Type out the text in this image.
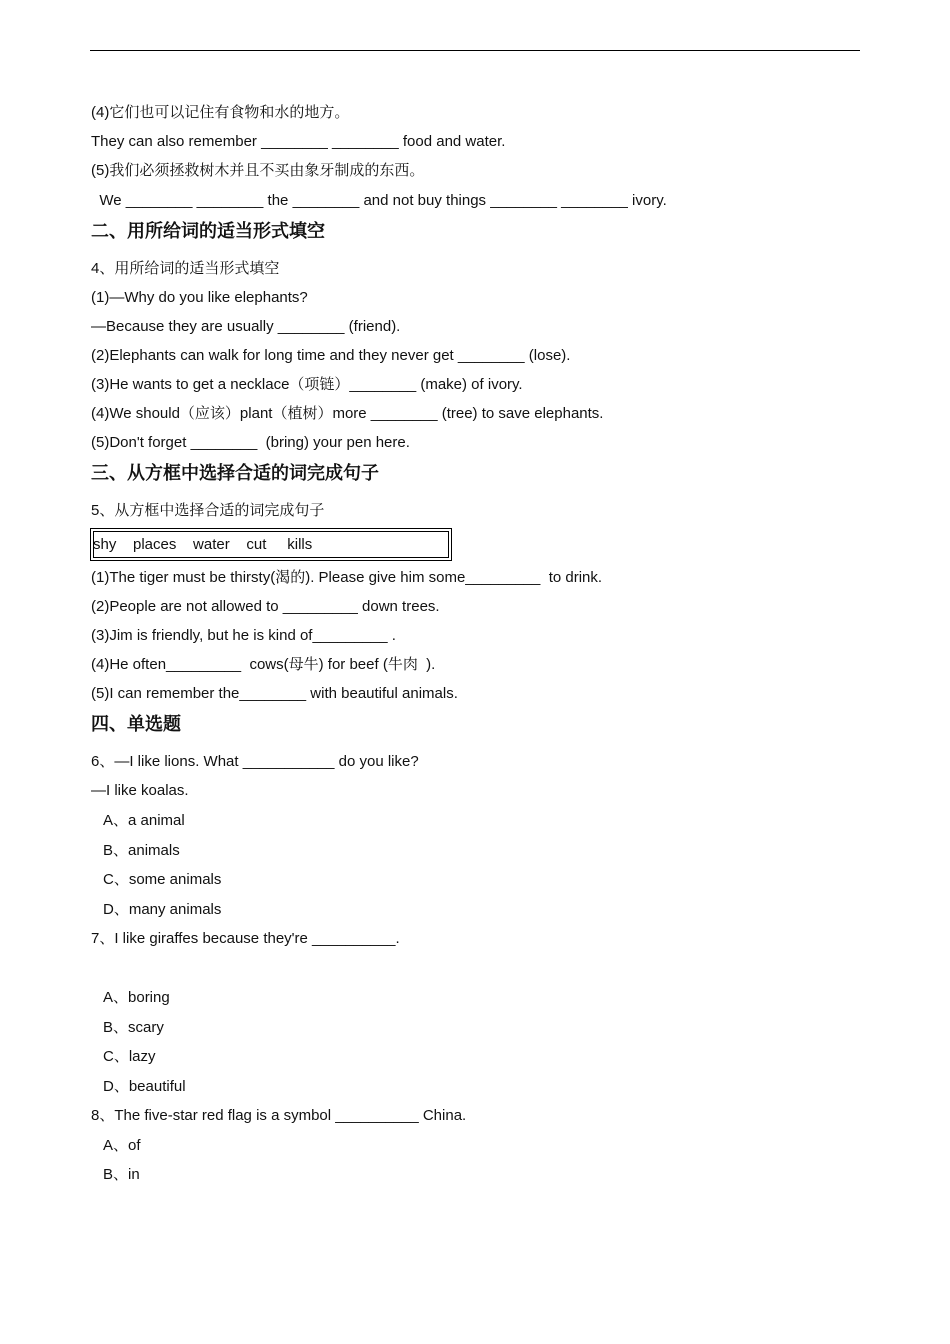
(4)它们也可以记住有食物和水的地方。
They can also remember ________ ________ food and water.
(5)我们必须拯救树木并且不买由象牙制成的东西。
We ________ ________ the ________ and not buy things ________ ________ ivory.
二、用所给词的适当形式填空
4、用所给词的适当形式填空
(1)—Why do you like elephants?
—Because they are usually ________ (friend).
(2)Elephants can walk for long time and they never get ________ (lose).
(3)He wants to get a necklace（项链）________ (make) of ivory.
(4)We should（应该）plant（植树）more ________ (tree) to save elephants.
(5)Don't forget ________  (bring) your pen here.
三、从方框中选择合适的词完成句子
5、从方框中选择合适的词完成句子
shy    places    water    cut     kills
(1)The tiger must be thirsty(渴的). Please give him some_________  to drink.
(2)People are not allowed to _________ down trees.
(3)Jim is friendly, but he is kind of_________ .
(4)He often_________  cows(母牛) for beef (牛肉  ).
(5)I can remember the________ with beautiful animals.
四、单选题
6、—I like lions. What ___________ do you like?
—I like koalas.
A、a animal
B、animals
C、some animals
D、many animals
7、I like giraffes because they're __________.
A、boring
B、scary
C、lazy
D、beautiful
8、The five-star red flag is a symbol __________ China.
A、of
B、in
